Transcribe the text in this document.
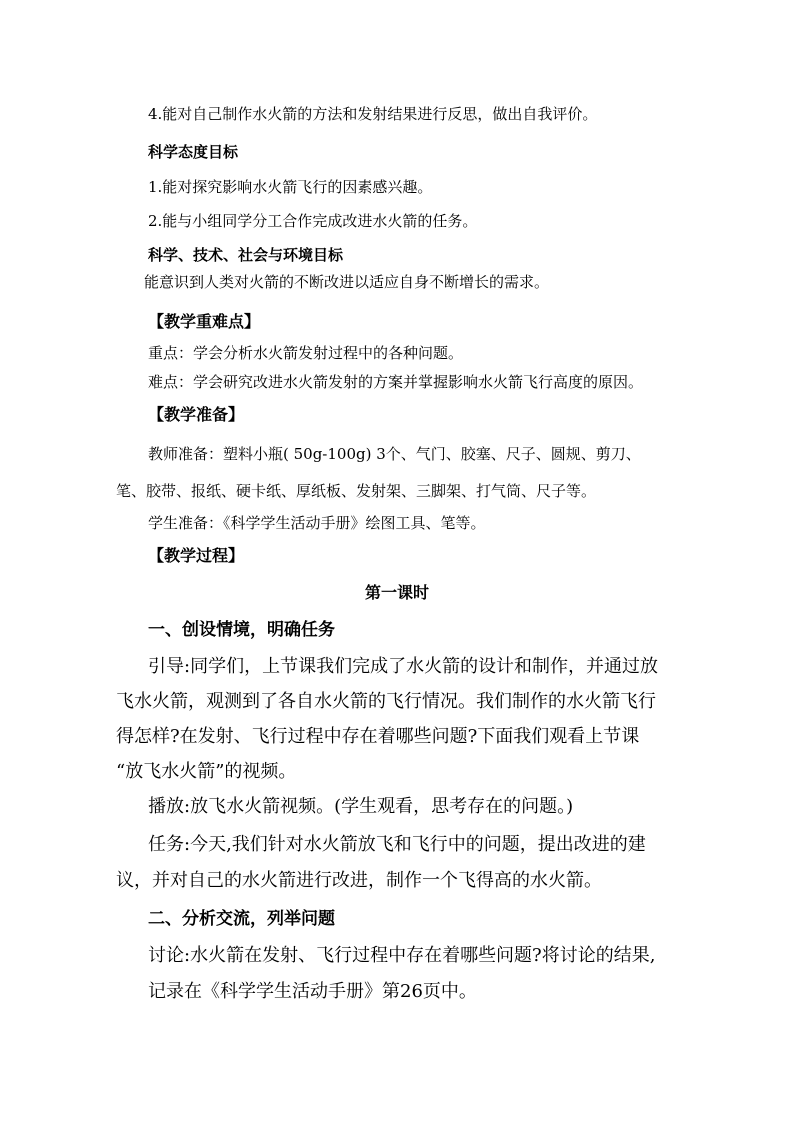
4.能对自己制作水火箭的方法和发射结果进行反思，做出自我评价。
科学态度目标
1.能对探究影响水火箭飞行的因素感兴趣。
2.能与小组同学分工合作完成改进水火箭的任务。
科学、技术、社会与环境目标
能意识到人类对火箭的不断改进以适应自身不断增长的需求。
【教学重难点】
重点：学会分析水火箭发射过程中的各种问题。
难点：学会研究改进水火箭发射的方案并掌握影响水火箭飞行高度的原因。
【教学准备】
教师准备：塑料小瓶( 50g-100g) 3个、气门、胶塞、尺子、圆规、剪刀、
笔、胶带、报纸、硬卡纸、厚纸板、发射架、三脚架、打气筒、尺子等。
学生准备：《科学学生活动手册》绘图工具、笔等。
【教学过程】
第一课时
一、创设情境，明确任务
引导:同学们，上节课我们完成了水火箭的设计和制作，并通过放
飞水火箭，观测到了各自水火箭的飞行情况。我们制作的水火箭飞行
得怎样?在发射、飞行过程中存在着哪些问题?下面我们观看上节课
“放飞水火箭”的视频。
播放:放飞水火箭视频。(学生观看，思考存在的问题。)
任务:今天,我们针对水火箭放飞和飞行中的问题，提出改进的建
议，并对自己的水火箭进行改进，制作一个飞得高的水火箭。
二、分析交流，列举问题
讨论:水火箭在发射、飞行过程中存在着哪些问题?将讨论的结果,
记录在《科学学生活动手册》第26页中。
